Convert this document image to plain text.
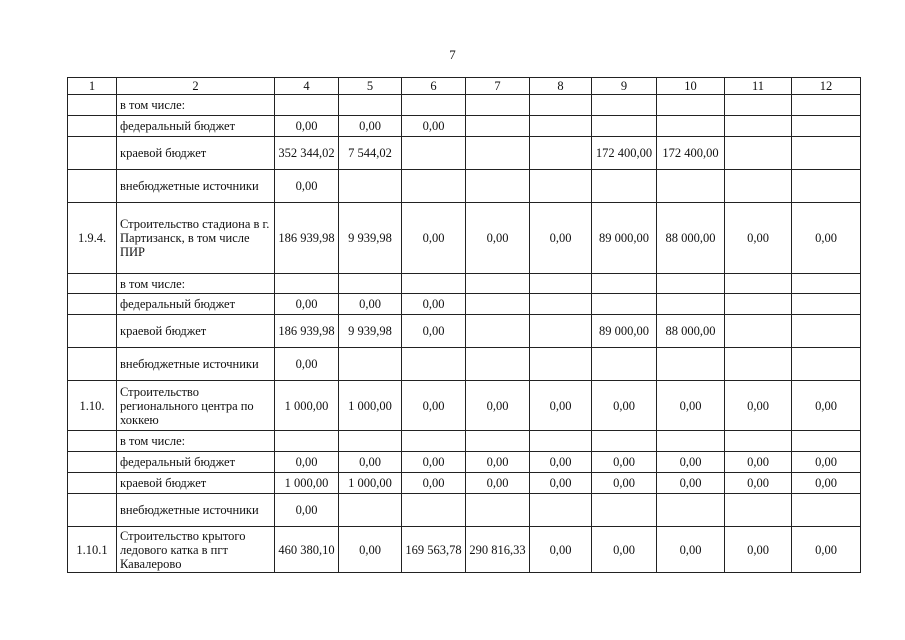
7
1	2	4	5	6	7	8	9	10	11	12
	в том числе:									
	федеральный бюджет	0,00	0,00	0,00						
	краевой бюджет	352 344,02	7 544,02				172 400,00	172 400,00		
	внебюджетные источники	0,00								
1.9.4.	Строительство стадиона в г. Партизанск, в том числе ПИР	186 939,98	9 939,98	0,00	0,00	0,00	89 000,00	88 000,00	0,00	0,00
	в том числе:									
	федеральный бюджет	0,00	0,00	0,00						
	краевой бюджет	186 939,98	9 939,98	0,00			89 000,00	88 000,00		
	внебюджетные источники	0,00								
1.10.	Строительство регионального центра по хоккею	1 000,00	1 000,00	0,00	0,00	0,00	0,00	0,00	0,00	0,00
	в том числе:									
	федеральный бюджет	0,00	0,00	0,00	0,00	0,00	0,00	0,00	0,00	0,00
	краевой бюджет	1 000,00	1 000,00	0,00	0,00	0,00	0,00	0,00	0,00	0,00
	внебюджетные источники	0,00								
1.10.1	Строительство крытого ледового катка в пгт Кавалерово	460 380,10	0,00	169 563,78	290 816,33	0,00	0,00	0,00	0,00	0,00
